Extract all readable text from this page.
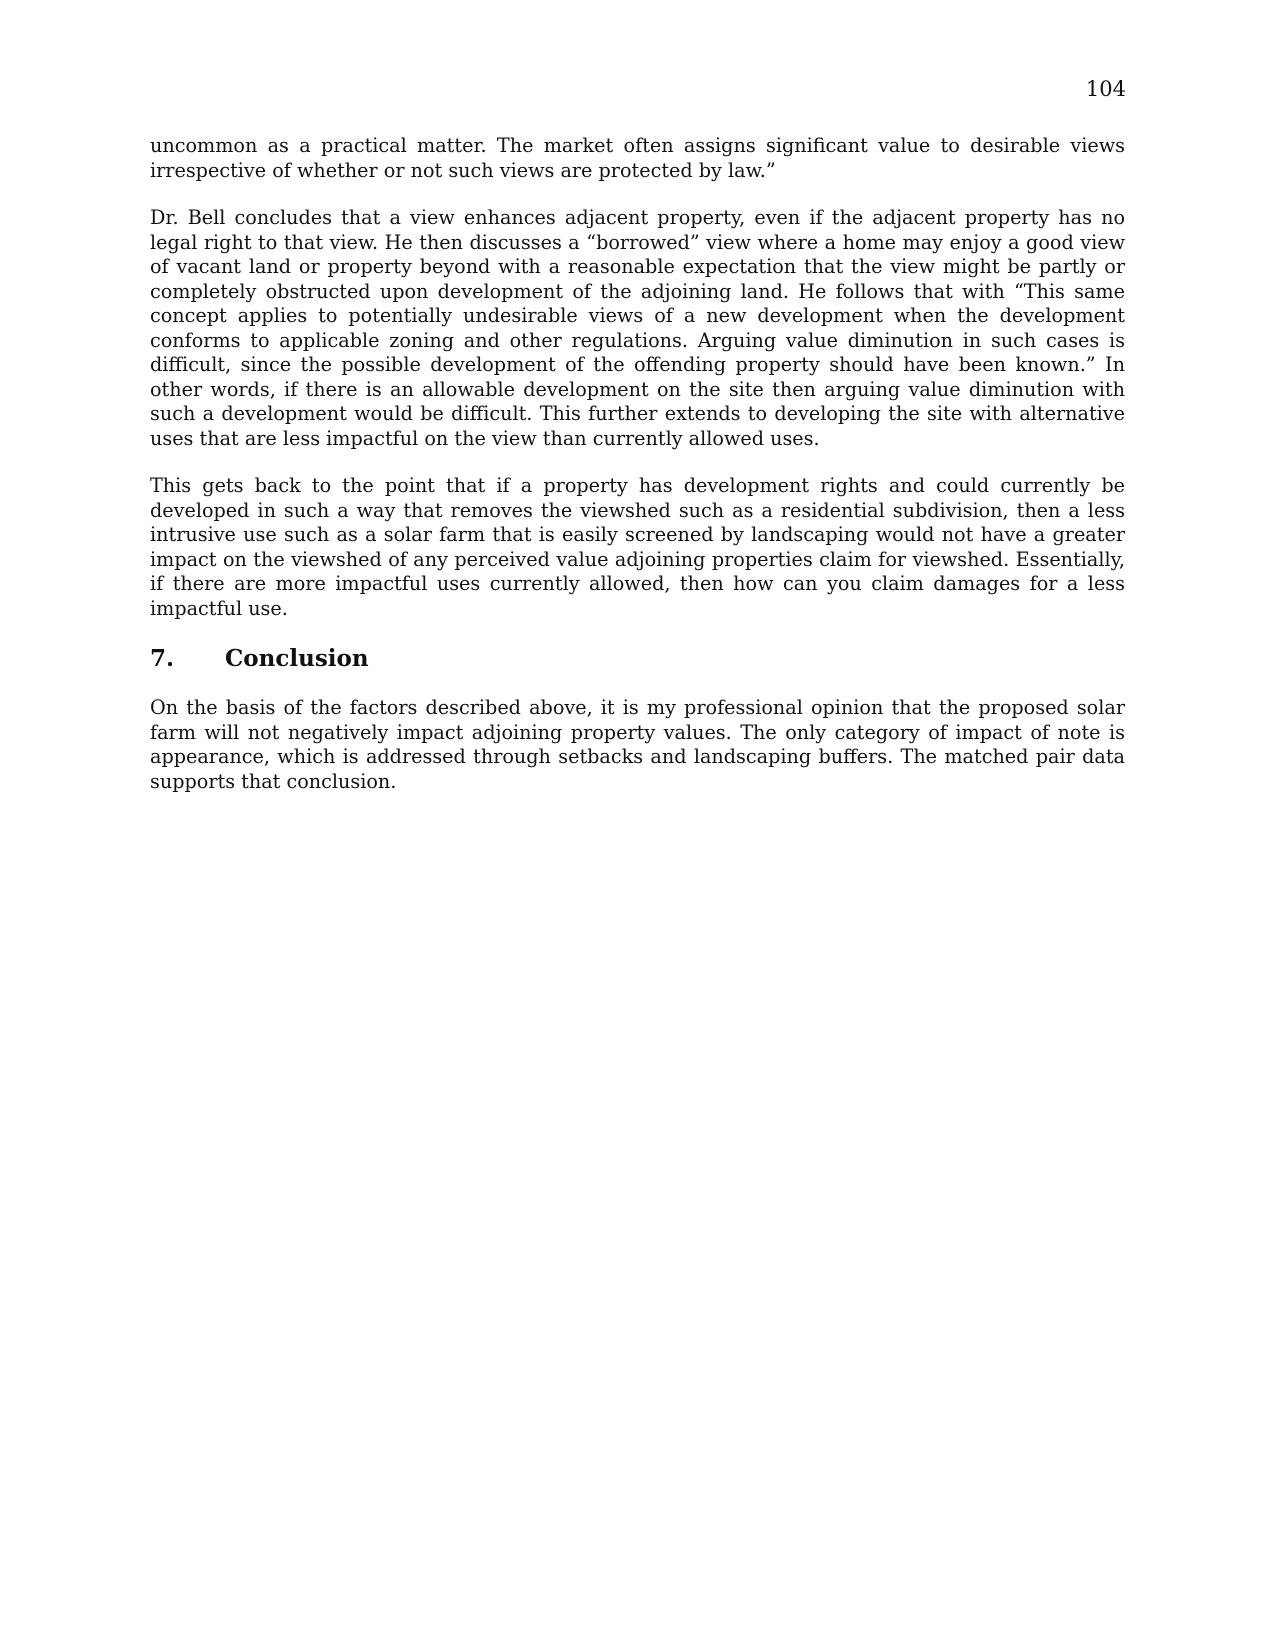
104

uncommon as a practical matter. The market often assigns significant value to desirable views irrespective of whether or not such views are protected by law.”

Dr. Bell concludes that a view enhances adjacent property, even if the adjacent property has no legal right to that view. He then discusses a “borrowed” view where a home may enjoy a good view of vacant land or property beyond with a reasonable expectation that the view might be partly or completely obstructed upon development of the adjoining land. He follows that with “This same concept applies to potentially undesirable views of a new development when the development conforms to applicable zoning and other regulations. Arguing value diminution in such cases is difficult, since the possible development of the offending property should have been known.” In other words, if there is an allowable development on the site then arguing value diminution with such a development would be difficult. This further extends to developing the site with alternative uses that are less impactful on the view than currently allowed uses.

This gets back to the point that if a property has development rights and could currently be developed in such a way that removes the viewshed such as a residential subdivision, then a less intrusive use such as a solar farm that is easily screened by landscaping would not have a greater impact on the viewshed of any perceived value adjoining properties claim for viewshed. Essentially, if there are more impactful uses currently allowed, then how can you claim damages for a less impactful use.

7.	Conclusion

On the basis of the factors described above, it is my professional opinion that the proposed solar farm will not negatively impact adjoining property values. The only category of impact of note is appearance, which is addressed through setbacks and landscaping buffers. The matched pair data supports that conclusion.
